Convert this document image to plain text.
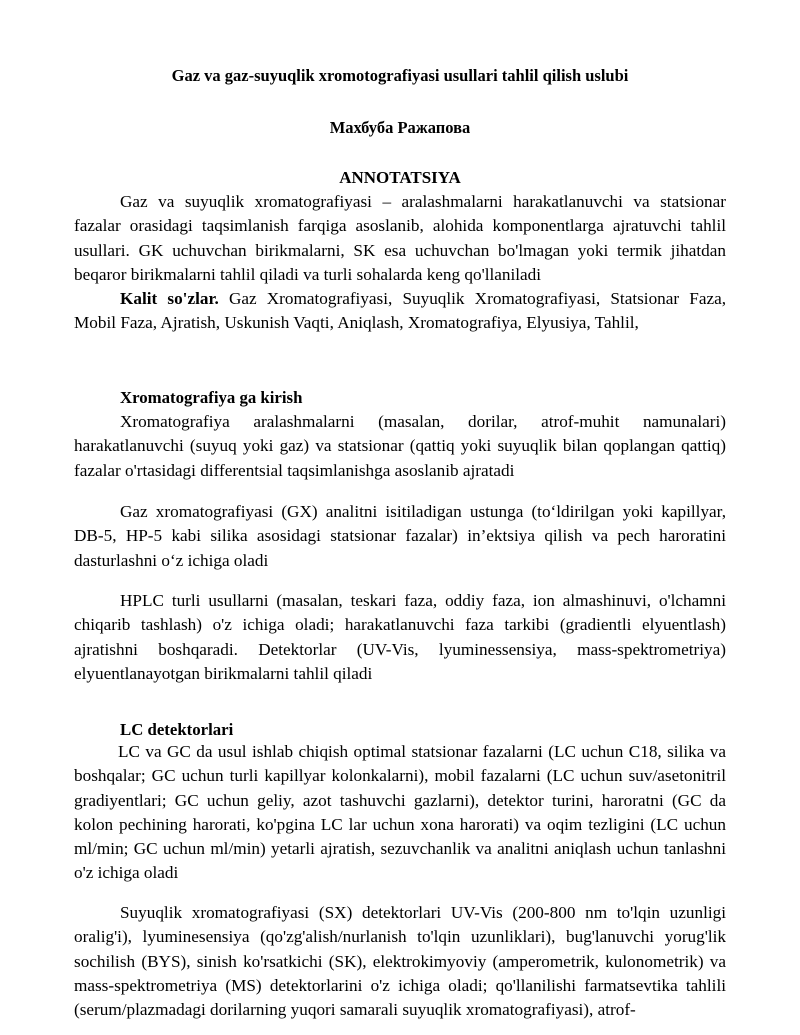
Gaz va gaz-suyuqlik xromotografiyasi usullari tahlil qilish uslubi
Махбуба Ражапова
ANNOTATSIYA

Gaz va suyuqlik xromatografiyasi – aralashmalarni harakatlanuvchi va statsionar fazalar orasidagi taqsimlanish farqiga asoslanib, alohida komponentlarga ajratuvchi tahlil usullari. GK uchuvchan birikmalarni, SK esa uchuvchan bo'lmagan yoki termik jihatdan beqaror birikmalarni tahlil qiladi va turli sohalarda keng qo'llaniladi

Kalit so'zlar. Gaz Xromatografiyasi, Suyuqlik Xromatografiyasi, Statsionar Faza, Mobil Faza, Ajratish, Uskunish Vaqti, Aniqlash, Xromatografiya, Elyusiya, Tahlil,

Xromatografiya ga kirish

Xromatografiya aralashmalarni (masalan, dorilar, atrof-muhit namunalari) harakatlanuvchi (suyuq yoki gaz) va statsionar (qattiq yoki suyuqlik bilan qoplangan qattiq) fazalar o'rtasidagi differentsial taqsimlanishga asoslanib ajratadi

Gaz xromatografiyasi (GX) analitni isitiladigan ustunga (to‘ldirilgan yoki kapillyar, DB-5, HP-5 kabi silika asosidagi statsionar fazalar) in’ektsiya qilish va pech haroratini dasturlashni o‘z ichiga oladi

HPLC turli usullarni (masalan, teskari faza, oddiy faza, ion almashinuvi, o'lchamni chiqarib tashlash) o'z ichiga oladi; harakatlanuvchi faza tarkibi (gradientli elyuentlash) ajratishni boshqaradi. Detektorlar (UV-Vis, lyuminessensiya, mass-spektrometriya) elyuentlanayotgan birikmalarni tahlil qiladi

LC detektorlari

LC va GC da usul ishlab chiqish optimal statsionar fazalarni (LC uchun C18, silika va boshqalar; GC uchun turli kapillyar kolonkalarni), mobil fazalarni (LC uchun suv/asetonitril gradiyentlari; GC uchun geliy, azot tashuvchi gazlarni), detektor turini, haroratni (GC da kolon pechining harorati, ko'pgina LC lar uchun xona harorati) va oqim tezligini (LC uchun ml/min; GC uchun ml/min) yetarli ajratish, sezuvchanlik va analitni aniqlash uchun tanlashni o'z ichiga oladi

Suyuqlik xromatografiyasi (SX) detektorlari UV-Vis (200-800 nm to'lqin uzunligi oralig'i), lyuminesensiya (qo'zg'alish/nurlanish to'lqin uzunliklari), bug'lanuvchi yorug'lik sochilish (BYS), sinish ko'rsatkichi (SK), elektrokimyoviy (amperometrik, kulonometrik) va mass-spektrometriya (MS) detektorlarini o'z ichiga oladi; qo'llanilishi farmatsevtika tahlili (serum/plazmadagi dorilarning yuqori samarali suyuqlik xromatografiyasi), atrof-
